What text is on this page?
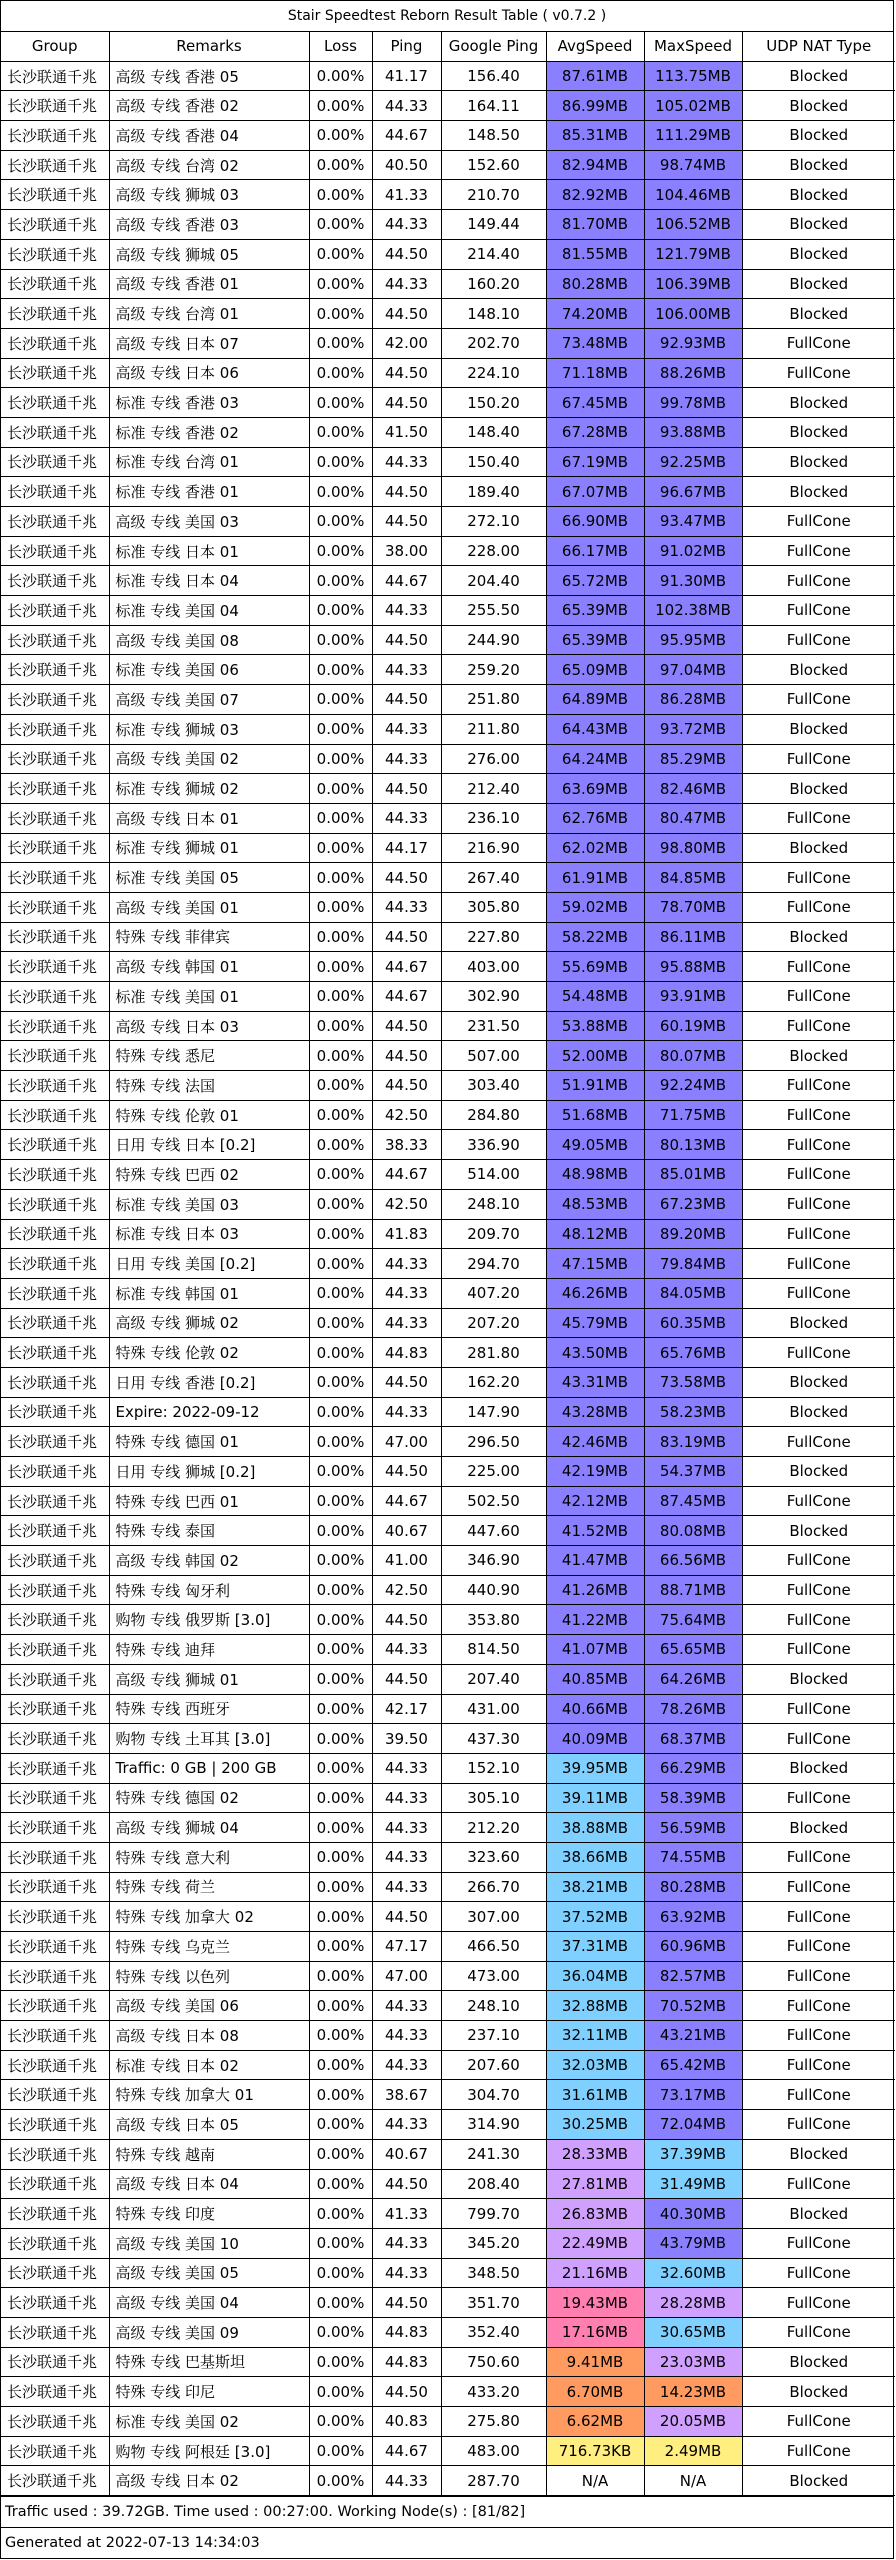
Stair Speedtest Reborn Result Table ( v0.7.2 )
Group	Remarks	Loss	Ping	Google Ping	AvgSpeed	MaxSpeed	UDP NAT Type
长沙联通千兆	高级 专线 香港 05	0.00%	41.17	156.40	87.61MB	113.75MB	Blocked
长沙联通千兆	高级 专线 香港 02	0.00%	44.33	164.11	86.99MB	105.02MB	Blocked
长沙联通千兆	高级 专线 香港 04	0.00%	44.67	148.50	85.31MB	111.29MB	Blocked
长沙联通千兆	高级 专线 台湾 02	0.00%	40.50	152.60	82.94MB	98.74MB	Blocked
长沙联通千兆	高级 专线 狮城 03	0.00%	41.33	210.70	82.92MB	104.46MB	Blocked
长沙联通千兆	高级 专线 香港 03	0.00%	44.33	149.44	81.70MB	106.52MB	Blocked
长沙联通千兆	高级 专线 狮城 05	0.00%	44.50	214.40	81.55MB	121.79MB	Blocked
长沙联通千兆	高级 专线 香港 01	0.00%	44.33	160.20	80.28MB	106.39MB	Blocked
长沙联通千兆	高级 专线 台湾 01	0.00%	44.50	148.10	74.20MB	106.00MB	Blocked
长沙联通千兆	高级 专线 日本 07	0.00%	42.00	202.70	73.48MB	92.93MB	FullCone
长沙联通千兆	高级 专线 日本 06	0.00%	44.50	224.10	71.18MB	88.26MB	FullCone
长沙联通千兆	标准 专线 香港 03	0.00%	44.50	150.20	67.45MB	99.78MB	Blocked
长沙联通千兆	标准 专线 香港 02	0.00%	41.50	148.40	67.28MB	93.88MB	Blocked
长沙联通千兆	标准 专线 台湾 01	0.00%	44.33	150.40	67.19MB	92.25MB	Blocked
长沙联通千兆	标准 专线 香港 01	0.00%	44.50	189.40	67.07MB	96.67MB	Blocked
长沙联通千兆	高级 专线 美国 03	0.00%	44.50	272.10	66.90MB	93.47MB	FullCone
长沙联通千兆	标准 专线 日本 01	0.00%	38.00	228.00	66.17MB	91.02MB	FullCone
长沙联通千兆	标准 专线 日本 04	0.00%	44.67	204.40	65.72MB	91.30MB	FullCone
长沙联通千兆	标准 专线 美国 04	0.00%	44.33	255.50	65.39MB	102.38MB	FullCone
长沙联通千兆	高级 专线 美国 08	0.00%	44.50	244.90	65.39MB	95.95MB	FullCone
长沙联通千兆	标准 专线 美国 06	0.00%	44.33	259.20	65.09MB	97.04MB	Blocked
长沙联通千兆	高级 专线 美国 07	0.00%	44.50	251.80	64.89MB	86.28MB	FullCone
长沙联通千兆	标准 专线 狮城 03	0.00%	44.33	211.80	64.43MB	93.72MB	Blocked
长沙联通千兆	高级 专线 美国 02	0.00%	44.33	276.00	64.24MB	85.29MB	FullCone
长沙联通千兆	标准 专线 狮城 02	0.00%	44.50	212.40	63.69MB	82.46MB	Blocked
长沙联通千兆	高级 专线 日本 01	0.00%	44.33	236.10	62.76MB	80.47MB	FullCone
长沙联通千兆	标准 专线 狮城 01	0.00%	44.17	216.90	62.02MB	98.80MB	Blocked
长沙联通千兆	标准 专线 美国 05	0.00%	44.50	267.40	61.91MB	84.85MB	FullCone
长沙联通千兆	高级 专线 美国 01	0.00%	44.33	305.80	59.02MB	78.70MB	FullCone
长沙联通千兆	特殊 专线 菲律宾	0.00%	44.50	227.80	58.22MB	86.11MB	Blocked
长沙联通千兆	高级 专线 韩国 01	0.00%	44.67	403.00	55.69MB	95.88MB	FullCone
长沙联通千兆	标准 专线 美国 01	0.00%	44.67	302.90	54.48MB	93.91MB	FullCone
长沙联通千兆	高级 专线 日本 03	0.00%	44.50	231.50	53.88MB	60.19MB	FullCone
长沙联通千兆	特殊 专线 悉尼	0.00%	44.50	507.00	52.00MB	80.07MB	Blocked
长沙联通千兆	特殊 专线 法国	0.00%	44.50	303.40	51.91MB	92.24MB	FullCone
长沙联通千兆	特殊 专线 伦敦 01	0.00%	42.50	284.80	51.68MB	71.75MB	FullCone
长沙联通千兆	日用 专线 日本 [0.2]	0.00%	38.33	336.90	49.05MB	80.13MB	FullCone
长沙联通千兆	特殊 专线 巴西 02	0.00%	44.67	514.00	48.98MB	85.01MB	FullCone
长沙联通千兆	标准 专线 美国 03	0.00%	42.50	248.10	48.53MB	67.23MB	FullCone
长沙联通千兆	标准 专线 日本 03	0.00%	41.83	209.70	48.12MB	89.20MB	FullCone
长沙联通千兆	日用 专线 美国 [0.2]	0.00%	44.33	294.70	47.15MB	79.84MB	FullCone
长沙联通千兆	标准 专线 韩国 01	0.00%	44.33	407.20	46.26MB	84.05MB	FullCone
长沙联通千兆	高级 专线 狮城 02	0.00%	44.33	207.20	45.79MB	60.35MB	Blocked
长沙联通千兆	特殊 专线 伦敦 02	0.00%	44.83	281.80	43.50MB	65.76MB	FullCone
长沙联通千兆	日用 专线 香港 [0.2]	0.00%	44.50	162.20	43.31MB	73.58MB	Blocked
长沙联通千兆	Expire: 2022-09-12	0.00%	44.33	147.90	43.28MB	58.23MB	Blocked
长沙联通千兆	特殊 专线 德国 01	0.00%	47.00	296.50	42.46MB	83.19MB	FullCone
长沙联通千兆	日用 专线 狮城 [0.2]	0.00%	44.50	225.00	42.19MB	54.37MB	Blocked
长沙联通千兆	特殊 专线 巴西 01	0.00%	44.67	502.50	42.12MB	87.45MB	FullCone
长沙联通千兆	特殊 专线 泰国	0.00%	40.67	447.60	41.52MB	80.08MB	Blocked
长沙联通千兆	高级 专线 韩国 02	0.00%	41.00	346.90	41.47MB	66.56MB	FullCone
长沙联通千兆	特殊 专线 匈牙利	0.00%	42.50	440.90	41.26MB	88.71MB	FullCone
长沙联通千兆	购物 专线 俄罗斯 [3.0]	0.00%	44.50	353.80	41.22MB	75.64MB	FullCone
长沙联通千兆	特殊 专线 迪拜	0.00%	44.33	814.50	41.07MB	65.65MB	FullCone
长沙联通千兆	高级 专线 狮城 01	0.00%	44.50	207.40	40.85MB	64.26MB	Blocked
长沙联通千兆	特殊 专线 西班牙	0.00%	42.17	431.00	40.66MB	78.26MB	FullCone
长沙联通千兆	购物 专线 土耳其 [3.0]	0.00%	39.50	437.30	40.09MB	68.37MB	FullCone
长沙联通千兆	Traffic: 0 GB | 200 GB	0.00%	44.33	152.10	39.95MB	66.29MB	Blocked
长沙联通千兆	特殊 专线 德国 02	0.00%	44.33	305.10	39.11MB	58.39MB	FullCone
长沙联通千兆	高级 专线 狮城 04	0.00%	44.33	212.20	38.88MB	56.59MB	Blocked
长沙联通千兆	特殊 专线 意大利	0.00%	44.33	323.60	38.66MB	74.55MB	FullCone
长沙联通千兆	特殊 专线 荷兰	0.00%	44.33	266.70	38.21MB	80.28MB	FullCone
长沙联通千兆	特殊 专线 加拿大 02	0.00%	44.50	307.00	37.52MB	63.92MB	FullCone
长沙联通千兆	特殊 专线 乌克兰	0.00%	47.17	466.50	37.31MB	60.96MB	FullCone
长沙联通千兆	特殊 专线 以色列	0.00%	47.00	473.00	36.04MB	82.57MB	FullCone
长沙联通千兆	高级 专线 美国 06	0.00%	44.33	248.10	32.88MB	70.52MB	FullCone
长沙联通千兆	高级 专线 日本 08	0.00%	44.33	237.10	32.11MB	43.21MB	FullCone
长沙联通千兆	标准 专线 日本 02	0.00%	44.33	207.60	32.03MB	65.42MB	FullCone
长沙联通千兆	特殊 专线 加拿大 01	0.00%	38.67	304.70	31.61MB	73.17MB	FullCone
长沙联通千兆	高级 专线 日本 05	0.00%	44.33	314.90	30.25MB	72.04MB	FullCone
长沙联通千兆	特殊 专线 越南	0.00%	40.67	241.30	28.33MB	37.39MB	Blocked
长沙联通千兆	高级 专线 日本 04	0.00%	44.50	208.40	27.81MB	31.49MB	FullCone
长沙联通千兆	特殊 专线 印度	0.00%	41.33	799.70	26.83MB	40.30MB	Blocked
长沙联通千兆	高级 专线 美国 10	0.00%	44.33	345.20	22.49MB	43.79MB	FullCone
长沙联通千兆	高级 专线 美国 05	0.00%	44.33	348.50	21.16MB	32.60MB	FullCone
长沙联通千兆	高级 专线 美国 04	0.00%	44.50	351.70	19.43MB	28.28MB	FullCone
长沙联通千兆	高级 专线 美国 09	0.00%	44.83	352.40	17.16MB	30.65MB	FullCone
长沙联通千兆	特殊 专线 巴基斯坦	0.00%	44.83	750.60	9.41MB	23.03MB	Blocked
长沙联通千兆	特殊 专线 印尼	0.00%	44.50	433.20	6.70MB	14.23MB	Blocked
长沙联通千兆	标准 专线 美国 02	0.00%	40.83	275.80	6.62MB	20.05MB	FullCone
长沙联通千兆	购物 专线 阿根廷 [3.0]	0.00%	44.67	483.00	716.73KB	2.49MB	FullCone
长沙联通千兆	高级 专线 日本 02	0.00%	44.33	287.70	N/A	N/A	Blocked
Traffic used : 39.72GB. Time used : 00:27:00. Working Node(s) : [81/82]
Generated at 2022-07-13 14:34:03
